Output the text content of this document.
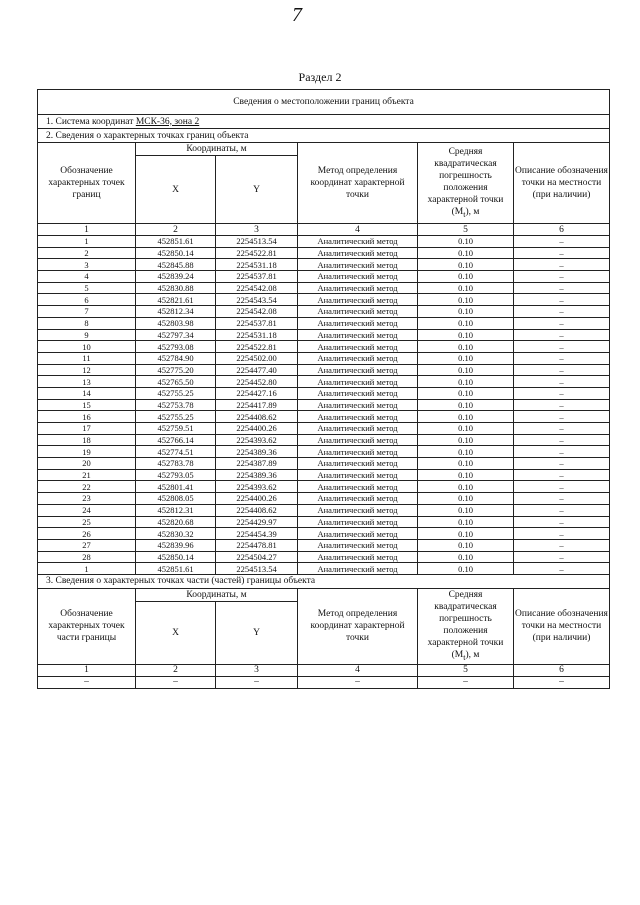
7
Раздел 2
Сведения о местоположении границ объекта					
1. Система координат МСК-36, зона 2					
2. Сведения о характерных точках границ объекта					
Обозначение характерных точек границ	Координаты, м		Метод определения координат характерной точки	Средняя квадратическая погрешность положения характерной точки $(M_t)$, м	Описание обозначения точки на местности (при наличии)
	X	Y			
1	2	3	4	5	6
1	452851.61	2254513.54	Аналитический метод	0.10	–
2	452850.14	2254522.81	Аналитический метод	0.10	–
3	452845.88	2254531.18	Аналитический метод	0.10	–
4	452839.24	2254537.81	Аналитический метод	0.10	–
5	452830.88	2254542.08	Аналитический метод	0.10	–
6	452821.61	2254543.54	Аналитический метод	0.10	–
7	452812.34	2254542.08	Аналитический метод	0.10	–
8	452803.98	2254537.81	Аналитический метод	0.10	–
9	452797.34	2254531.18	Аналитический метод	0.10	–
10	452793.08	2254522.81	Аналитический метод	0.10	–
11	452784.90	2254502.00	Аналитический метод	0.10	–
12	452775.20	2254477.40	Аналитический метод	0.10	–
13	452765.50	2254452.80	Аналитический метод	0.10	–
14	452755.25	2254427.16	Аналитический метод	0.10	–
15	452753.78	2254417.89	Аналитический метод	0.10	–
16	452755.25	2254408.62	Аналитический метод	0.10	–
17	452759.51	2254400.26	Аналитический метод	0.10	–
18	452766.14	2254393.62	Аналитический метод	0.10	–
19	452774.51	2254389.36	Аналитический метод	0.10	–
20	452783.78	2254387.89	Аналитический метод	0.10	–
21	452793.05	2254389.36	Аналитический метод	0.10	–
22	452801.41	2254393.62	Аналитический метод	0.10	–
23	452808.05	2254400.26	Аналитический метод	0.10	–
24	452812.31	2254408.62	Аналитический метод	0.10	–
25	452820.68	2254429.97	Аналитический метод	0.10	–
26	452830.32	2254454.39	Аналитический метод	0.10	–
27	452839.96	2254478.81	Аналитический метод	0.10	–
28	452850.14	2254504.27	Аналитический метод	0.10	–
1	452851.61	2254513.54	Аналитический метод	0.10	–
3. Сведения о характерных точках части (частей) границы объекта					
Обозначение характерных точек части границы	Координаты, м		Метод определения координат характерной точки	Средняя квадратическая погрешность положения характерной точки $(M_t)$, м	Описание обозначения точки на местности (при наличии)
	X	Y			
1	2	3	4	5	6
–	–	–	–	–	–
